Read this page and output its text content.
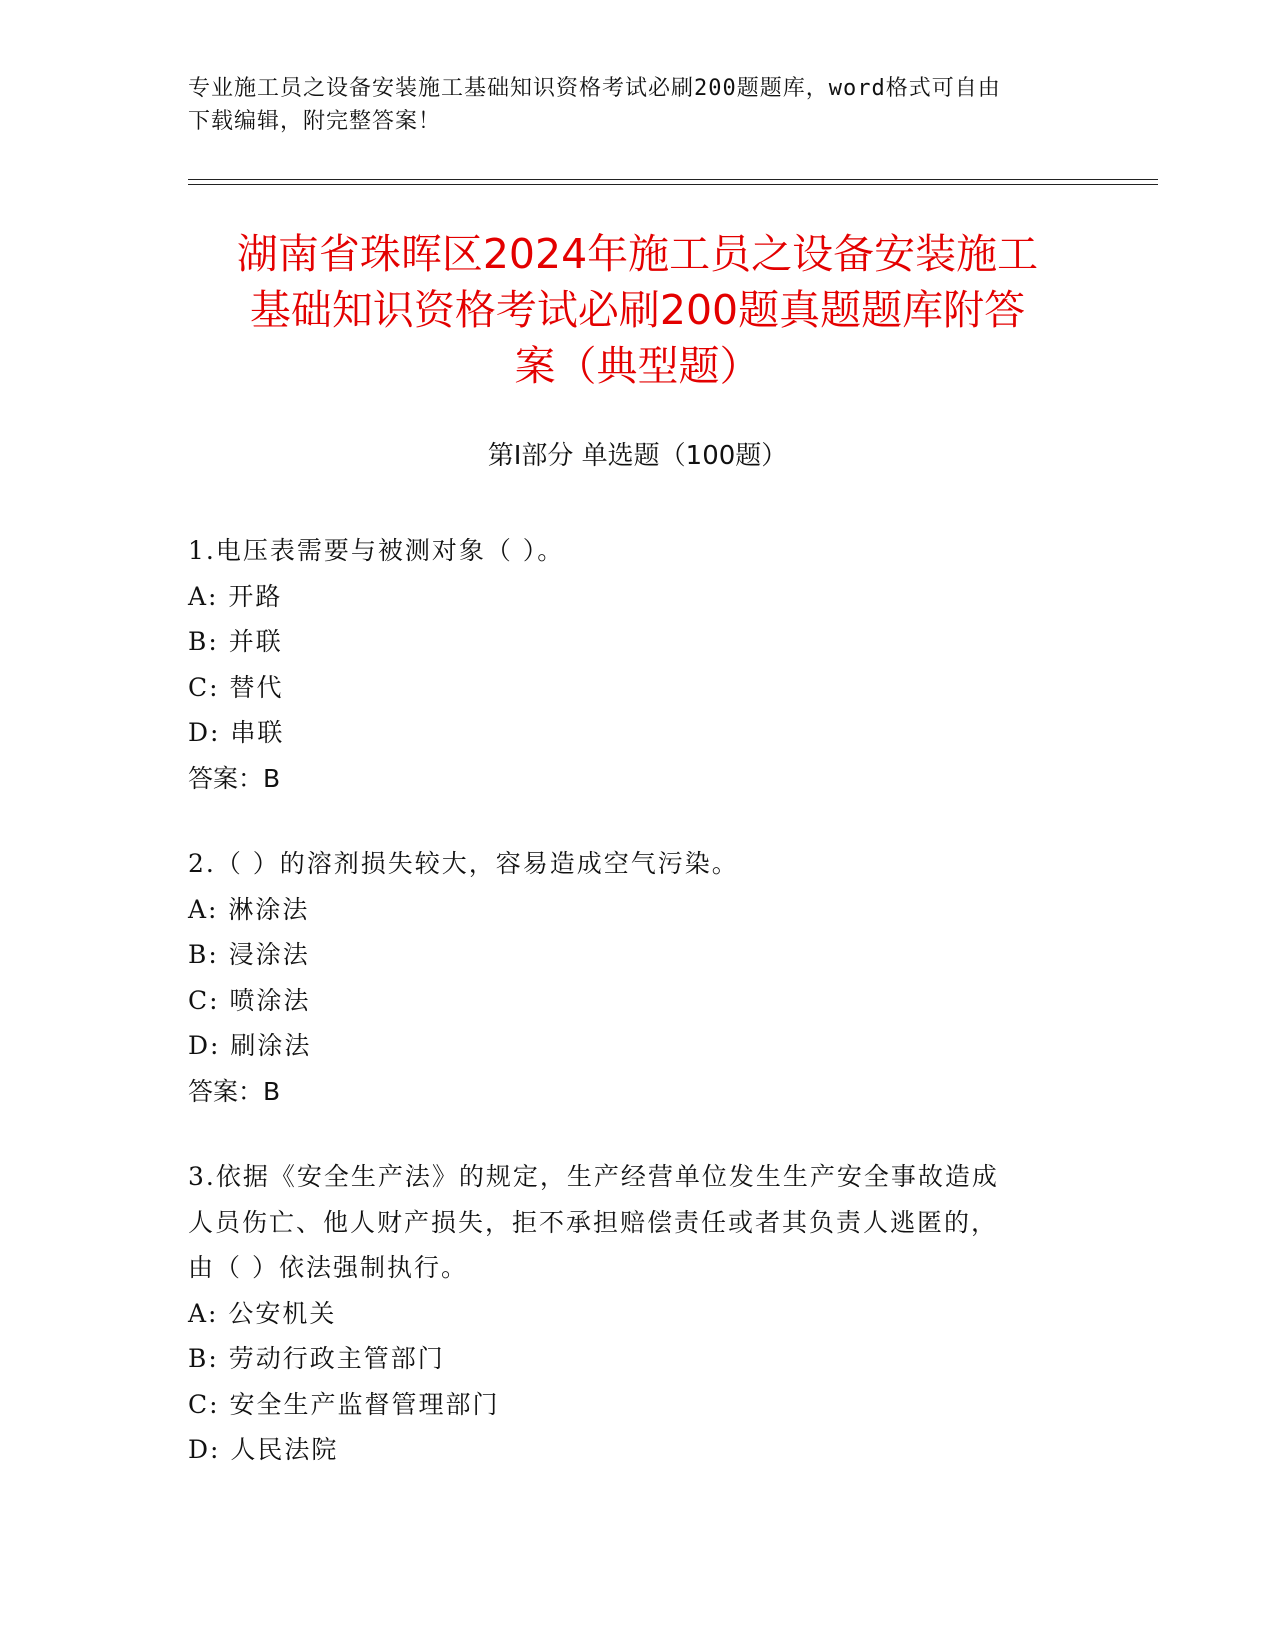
专业施工员之设备安装施工基础知识资格考试必刷200题题库，word格式可自由
下载编辑，附完整答案！
湖南省珠晖区2024年施工员之设备安装施工
基础知识资格考试必刷200题真题题库附答
案（典型题）
第Ⅰ部分 单选题（100题）
1.电压表需要与被测对象（ ）。
A: 开路
B: 并联
C: 替代
D: 串联
答案：B
2.（ ）的溶剂损失较大，容易造成空气污染。
A: 淋涂法
B: 浸涂法
C: 喷涂法
D: 刷涂法
答案：B
3.依据《安全生产法》的规定，生产经营单位发生生产安全事故造成
人员伤亡、他人财产损失，拒不承担赔偿责任或者其负责人逃匿的，
由（ ）依法强制执行。
A: 公安机关
B: 劳动行政主管部门
C: 安全生产监督管理部门
D: 人民法院
